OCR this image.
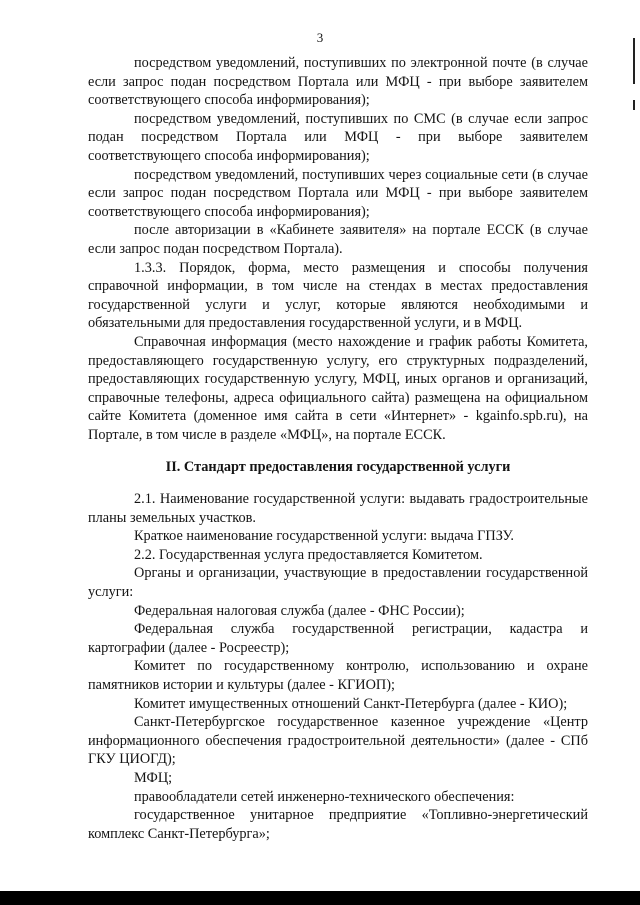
3

посредством уведомлений, поступивших по электронной почте (в случае если запрос подан посредством Портала или МФЦ - при выборе заявителем соответствующего способа информирования);

посредством уведомлений, поступивших по СМС (в случае если запрос подан посредством Портала или МФЦ - при выборе заявителем соответствующего способа информирования);

посредством уведомлений, поступивших через социальные сети (в случае если запрос подан посредством Портала или МФЦ - при выборе заявителем соответствующего способа информирования);

после авторизации в «Кабинете заявителя» на портале ЕССК (в случае если запрос подан посредством Портала).

1.3.3. Порядок, форма, место размещения и способы получения справочной информации, в том числе на стендах в местах предоставления государственной услуги и услуг, которые являются необходимыми и обязательными для предоставления государственной услуги, и в МФЦ.

Справочная информация (место нахождение и график работы Комитета, предоставляющего государственную услугу, его структурных подразделений, предоставляющих государственную услугу, МФЦ, иных органов и организаций, справочные телефоны, адреса официального сайта) размещена на официальном сайте Комитета (доменное имя сайта в сети «Интернет» - kgainfo.spb.ru), на Портале, в том числе в разделе «МФЦ», на портале ЕССК.

II. Стандарт предоставления государственной услуги

2.1. Наименование государственной услуги: выдавать градостроительные планы земельных участков.

Краткое наименование государственной услуги: выдача ГПЗУ.

2.2. Государственная услуга предоставляется Комитетом.

Органы и организации, участвующие в предоставлении государственной услуги:

Федеральная налоговая служба (далее - ФНС России);

Федеральная служба государственной регистрации, кадастра и картографии (далее - Росреестр);

Комитет по государственному контролю, использованию и охране памятников истории и культуры (далее - КГИОП);

Комитет имущественных отношений Санкт-Петербурга (далее - КИО);

Санкт-Петербургское государственное казенное учреждение «Центр информационного обеспечения градостроительной деятельности» (далее - СПб ГКУ ЦИОГД);

МФЦ;

правообладатели сетей инженерно-технического обеспечения:

государственное унитарное предприятие «Топливно-энергетический комплекс Санкт-Петербурга»;
